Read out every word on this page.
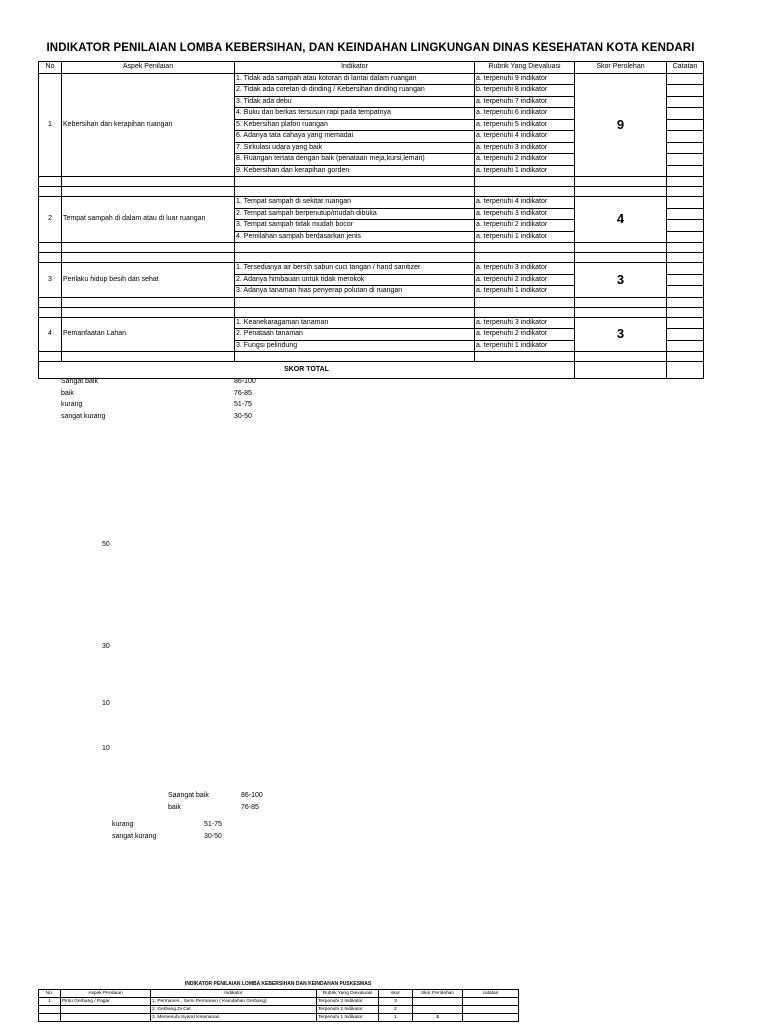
INDIKATOR PENILAIAN LOMBA KEBERSIHAN, DAN KEINDAHAN LINGKUNGAN DINAS KESEHATAN KOTA KENDARI
No	Aspek Penilaian	Indikator	Rubrik Yang Dievaluasi	Skor Perolehan	Catatan
1	Kebersihan dan kerapihan ruangan	1. Tidak ada sampah atau kotoran di lantai dalam ruangan	a. terpenuhi 9 indikator	9	
		2. Tidak ada coretan di dinding / Kebersihan dinding ruangan	b. terpenuhi 8 indikator		
		3. Tidak ada debu	a. terpenuhi 7 indikator		
		4. Buku dan berkas tersusun rapi pada tempatnya	a. terpenuhi 6 indikator		
		5. Kebersihan plafon ruangan	a. terpenuhi 5 indikator		
		6. Adanya tata cahaya yang memadai	a. terpenuhi 4 indikator		
		7. Sirkulasi udara yang baik	a. terpenuhi 3 indikator		
		8. Ruangan tertata dengan baik (penataan meja,kursi,lemari)	a. terpenuhi 2 indikator		
		9. Kebersihan dan kerapihan gorden	a. terpenuhi 1 indikator		

2	Tempat sampah di dalam atau di luar ruangan	1. Tempat sampah di sekitar ruangan	a. terpenuhi 4 indikator	4	
		2. Tempat sampah berpenutup/mudah dibuka	a. terpenuhi 3 indikator		
		3. Tempat sampah tidak mudah bocor	a. terpenuhi 2 indikator		
		4. Pemilahan sampah berdasarkan jenis	a. terpenuhi 1 indikator		

3	Perilaku hidup besih dan sehat	1. Tersedianya air bersih sabun cuci tangan / hand sanitizer	a. terpenuhi 3 indikator	3	
		2. Adanya himbauan untuk tidak merokok	a. terpenuhi 2 indikator		
		3. Adanya tanaman hias penyerap polutan di ruangan	a. terpenuhi 1 indikator		

4	Pemanfaatan Lahan	1. Keanekaragaman tanaman	a. terpenuhi 3 indikator	3	
		2. Penataan tanaman	a. terpenuhi 2 indikator		
		3. Fungsi pelindung	a. terpenuhi 1 indikator		

SKOR TOTAL					
Sangat baik	86-100
baik	76-85
kurang	51-75
sangat kurang	30-50
50
30
10
10
Saangat baik	86-100
baik	76-85
kurang	51-75
sangat kurang	30-50
INDIKATOR PENILAIAN LOMBA KEBERSIHAN DAN KEINDAHAN PUSKESMAS
No.	Aspek Penilaian	Indikator	Rubrik Yang Dievaluasi	skor	Skor Perolehan	catatan
1	Pintu Gerbang / Pagar	1. Permanen , Semi Permanen ( Keindahan Gerbang)	Terpenuhi 3 Indikator	3		
		2. Gerbang Di Cat	Terpenuhi 2 Indikator	2		
		3. Memenuhi Syarat Keamanan	Terpenuhi 1 Indikator	1	3	
